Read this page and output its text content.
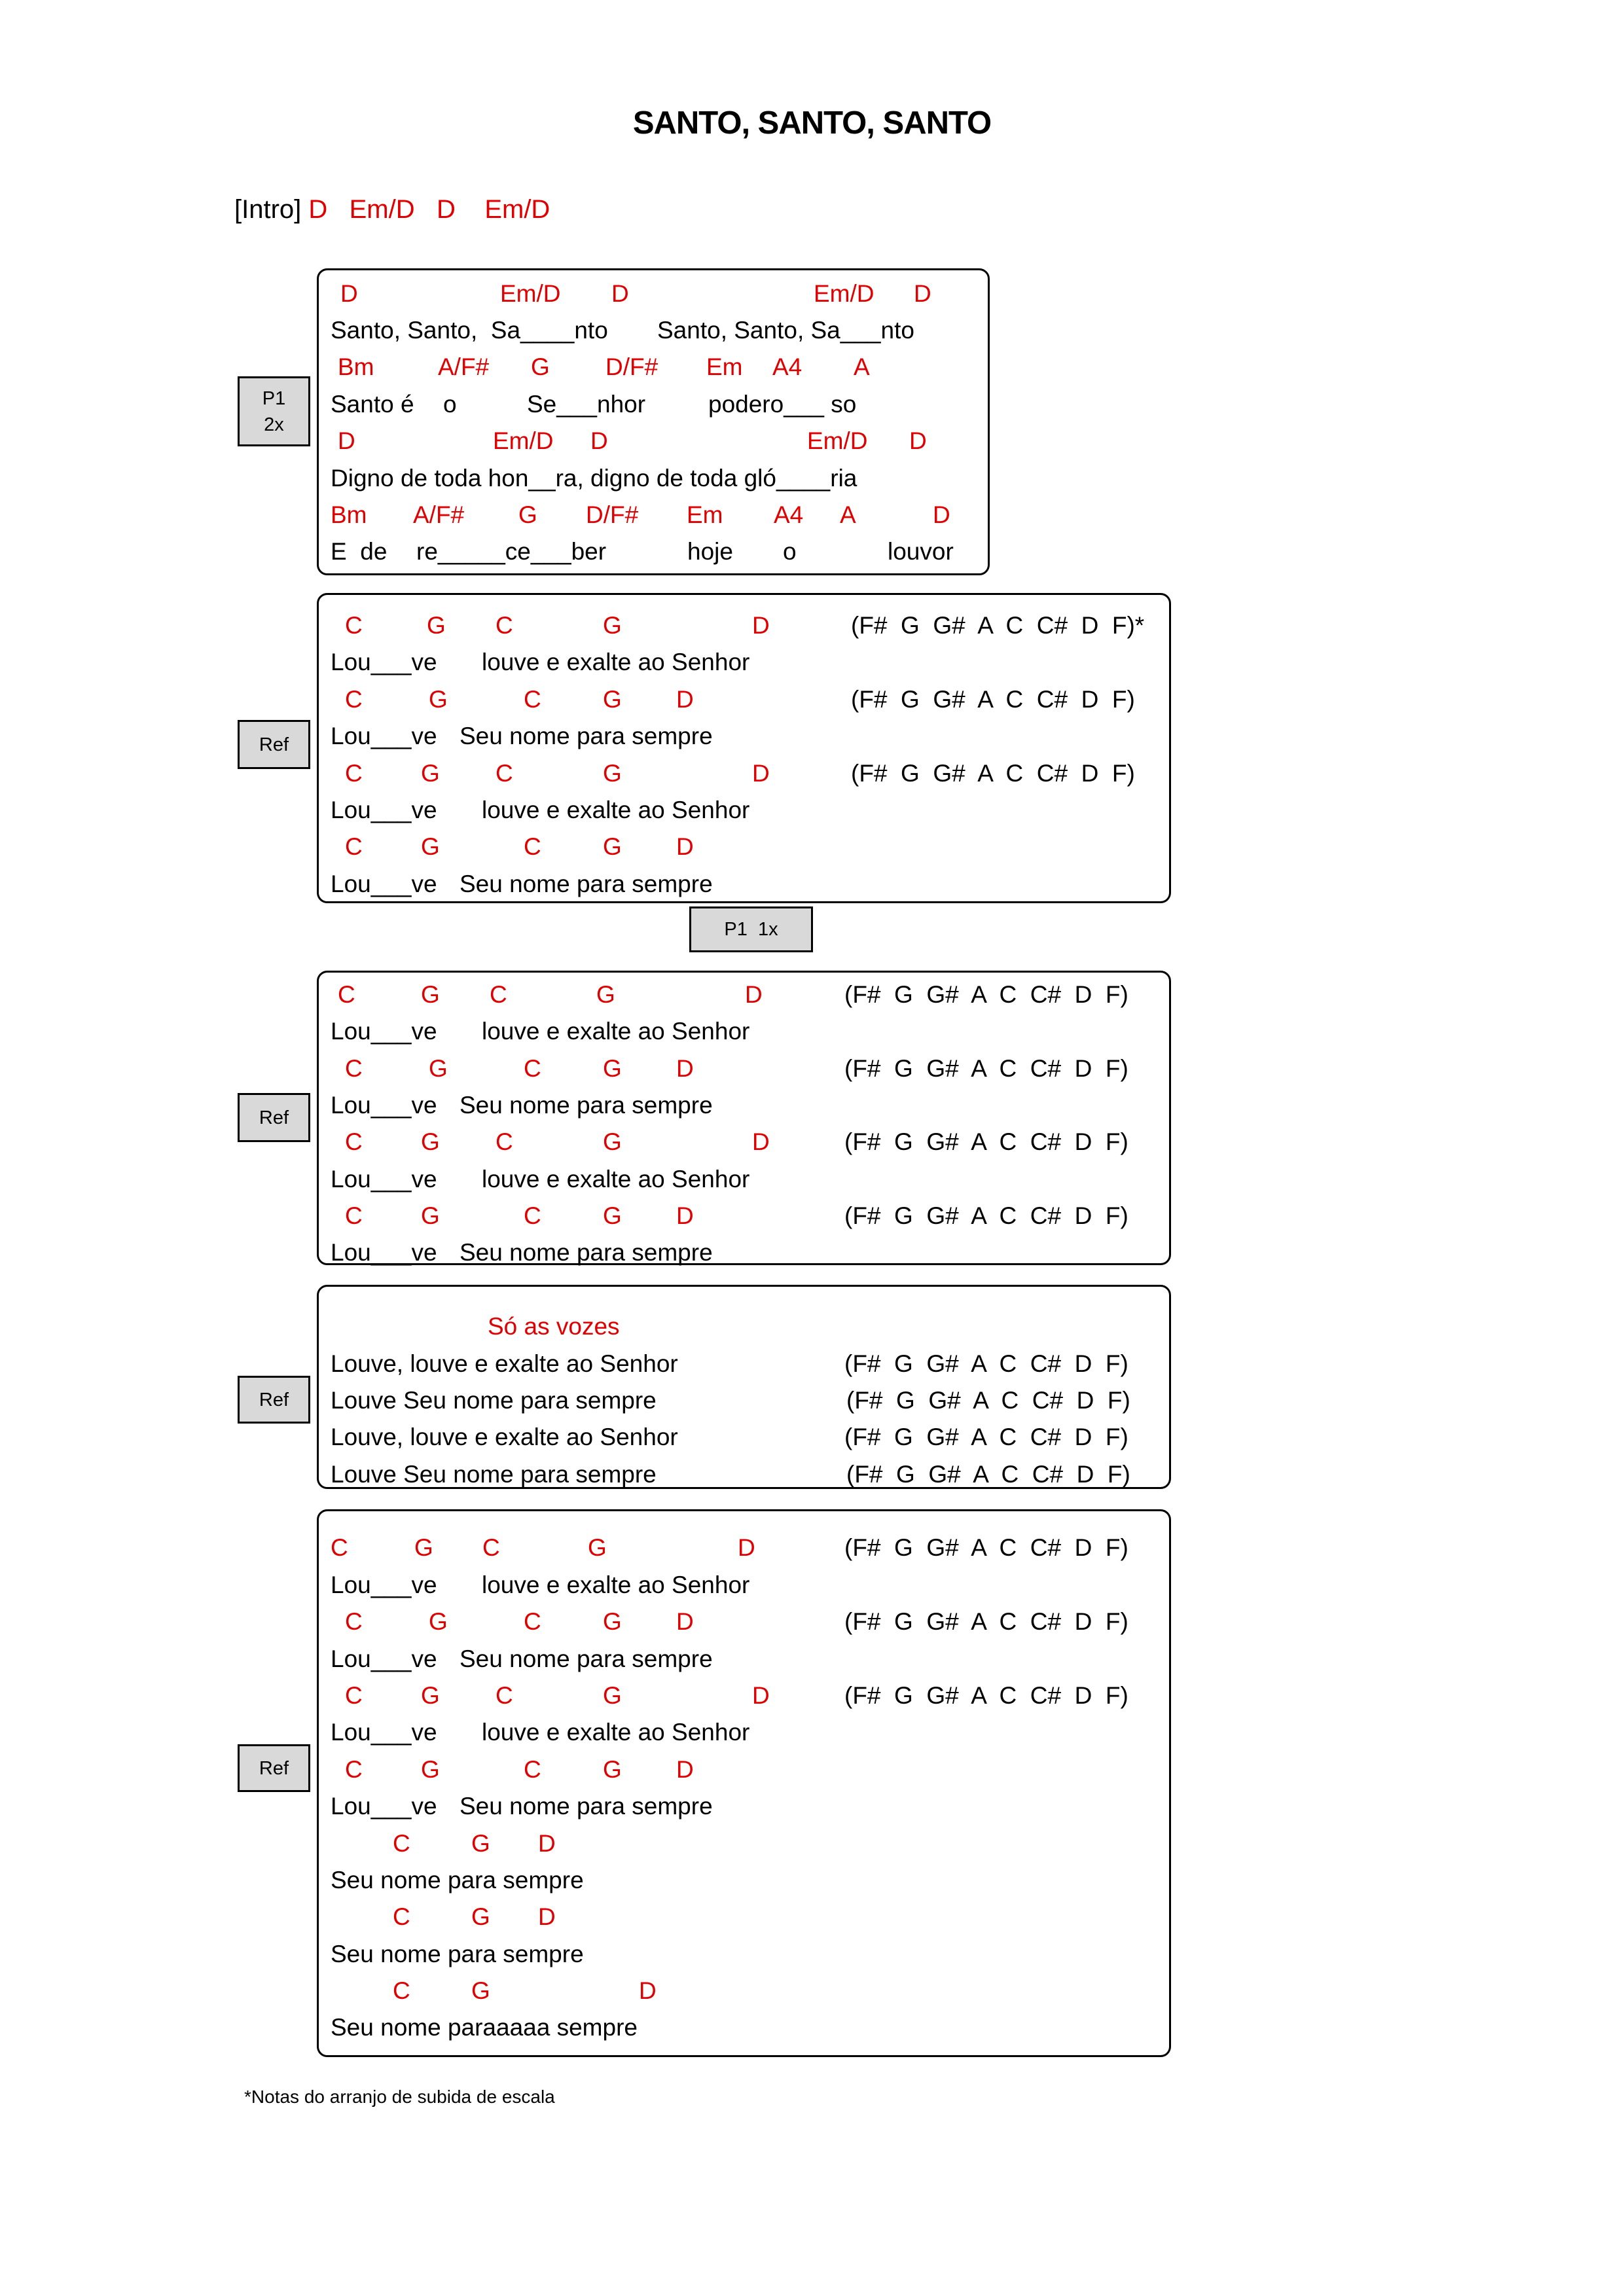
SANTO, SANTO, SANTO
[Intro] D Em/D D Em/D
P1
2x
D	Em/D D	Em/D D
Santo, Santo,  Sa____nto Santo, Santo, Sa___nto
Bm	A/F# G D/F# Em A4 A
Santo é o	Se___nhor	podero___ so
D	Em/D D	Em/D D
Digno de toda hon__ra, digno de toda gló____ria
Bm A/F# G D/F# Em A4 A	D
E  de re_____ce___ber	hoje o	louvor
Ref
C	G C	G	(F#  G  G#  A  C  C#  D  F)*
D
Lou___ve louve e exalte ao Senhor
C	G	C	G D	(F#  G  G#  A  C  C#  D  F)
Lou___ve Seu nome para sempre
C G C	G	D	(F#  G  G#  A  C  C#  D  F)
Lou___ve louve e exalte ao Senhor
C G	C	G D
Lou___ve Seu nome para sempre
P1  1x
Ref
C	G C	G	D	(F#  G  G#  A  C  C#  D  F)
Lou___ve louve e exalte ao Senhor
C	G	C	G D	(F#  G  G#  A  C  C#  D  F)
Lou___ve Seu nome para sempre
C G C	G	D	(F#  G  G#  A  C  C#  D  F)
Lou___ve louve e exalte ao Senhor
C G	C	G D	(F#  G  G#  A  C  C#  D  F)
Lou___ve Seu nome para sempre
Ref
Só as vozes
Louve, louve e exalte ao Senhor	(F#  G  G#  A  C  C#  D  F)
Louve Seu nome para sempre	(F#  G  G#  A  C  C#  D  F)
Louve, louve e exalte ao Senhor	(F#  G  G#  A  C  C#  D  F)
Louve Seu nome para sempre	(F#  G  G#  A  C  C#  D  F)
Ref
C	G C	G	D	(F#  G  G#  A  C  C#  D  F)
Lou___ve louve e exalte ao Senhor
C	G	C	G D	(F#  G  G#  A  C  C#  D  F)
Lou___ve Seu nome para sempre
C G C	G	D	(F#  G  G#  A  C  C#  D  F)
Lou___ve louve e exalte ao Senhor
C G	C	G D
Lou___ve Seu nome para sempre
C	G D
Seu nome para sempre
C	G D
Seu nome para sempre
C	G	D
Seu nome paraaaaa sempre
*Notas do arranjo de subida de escala
